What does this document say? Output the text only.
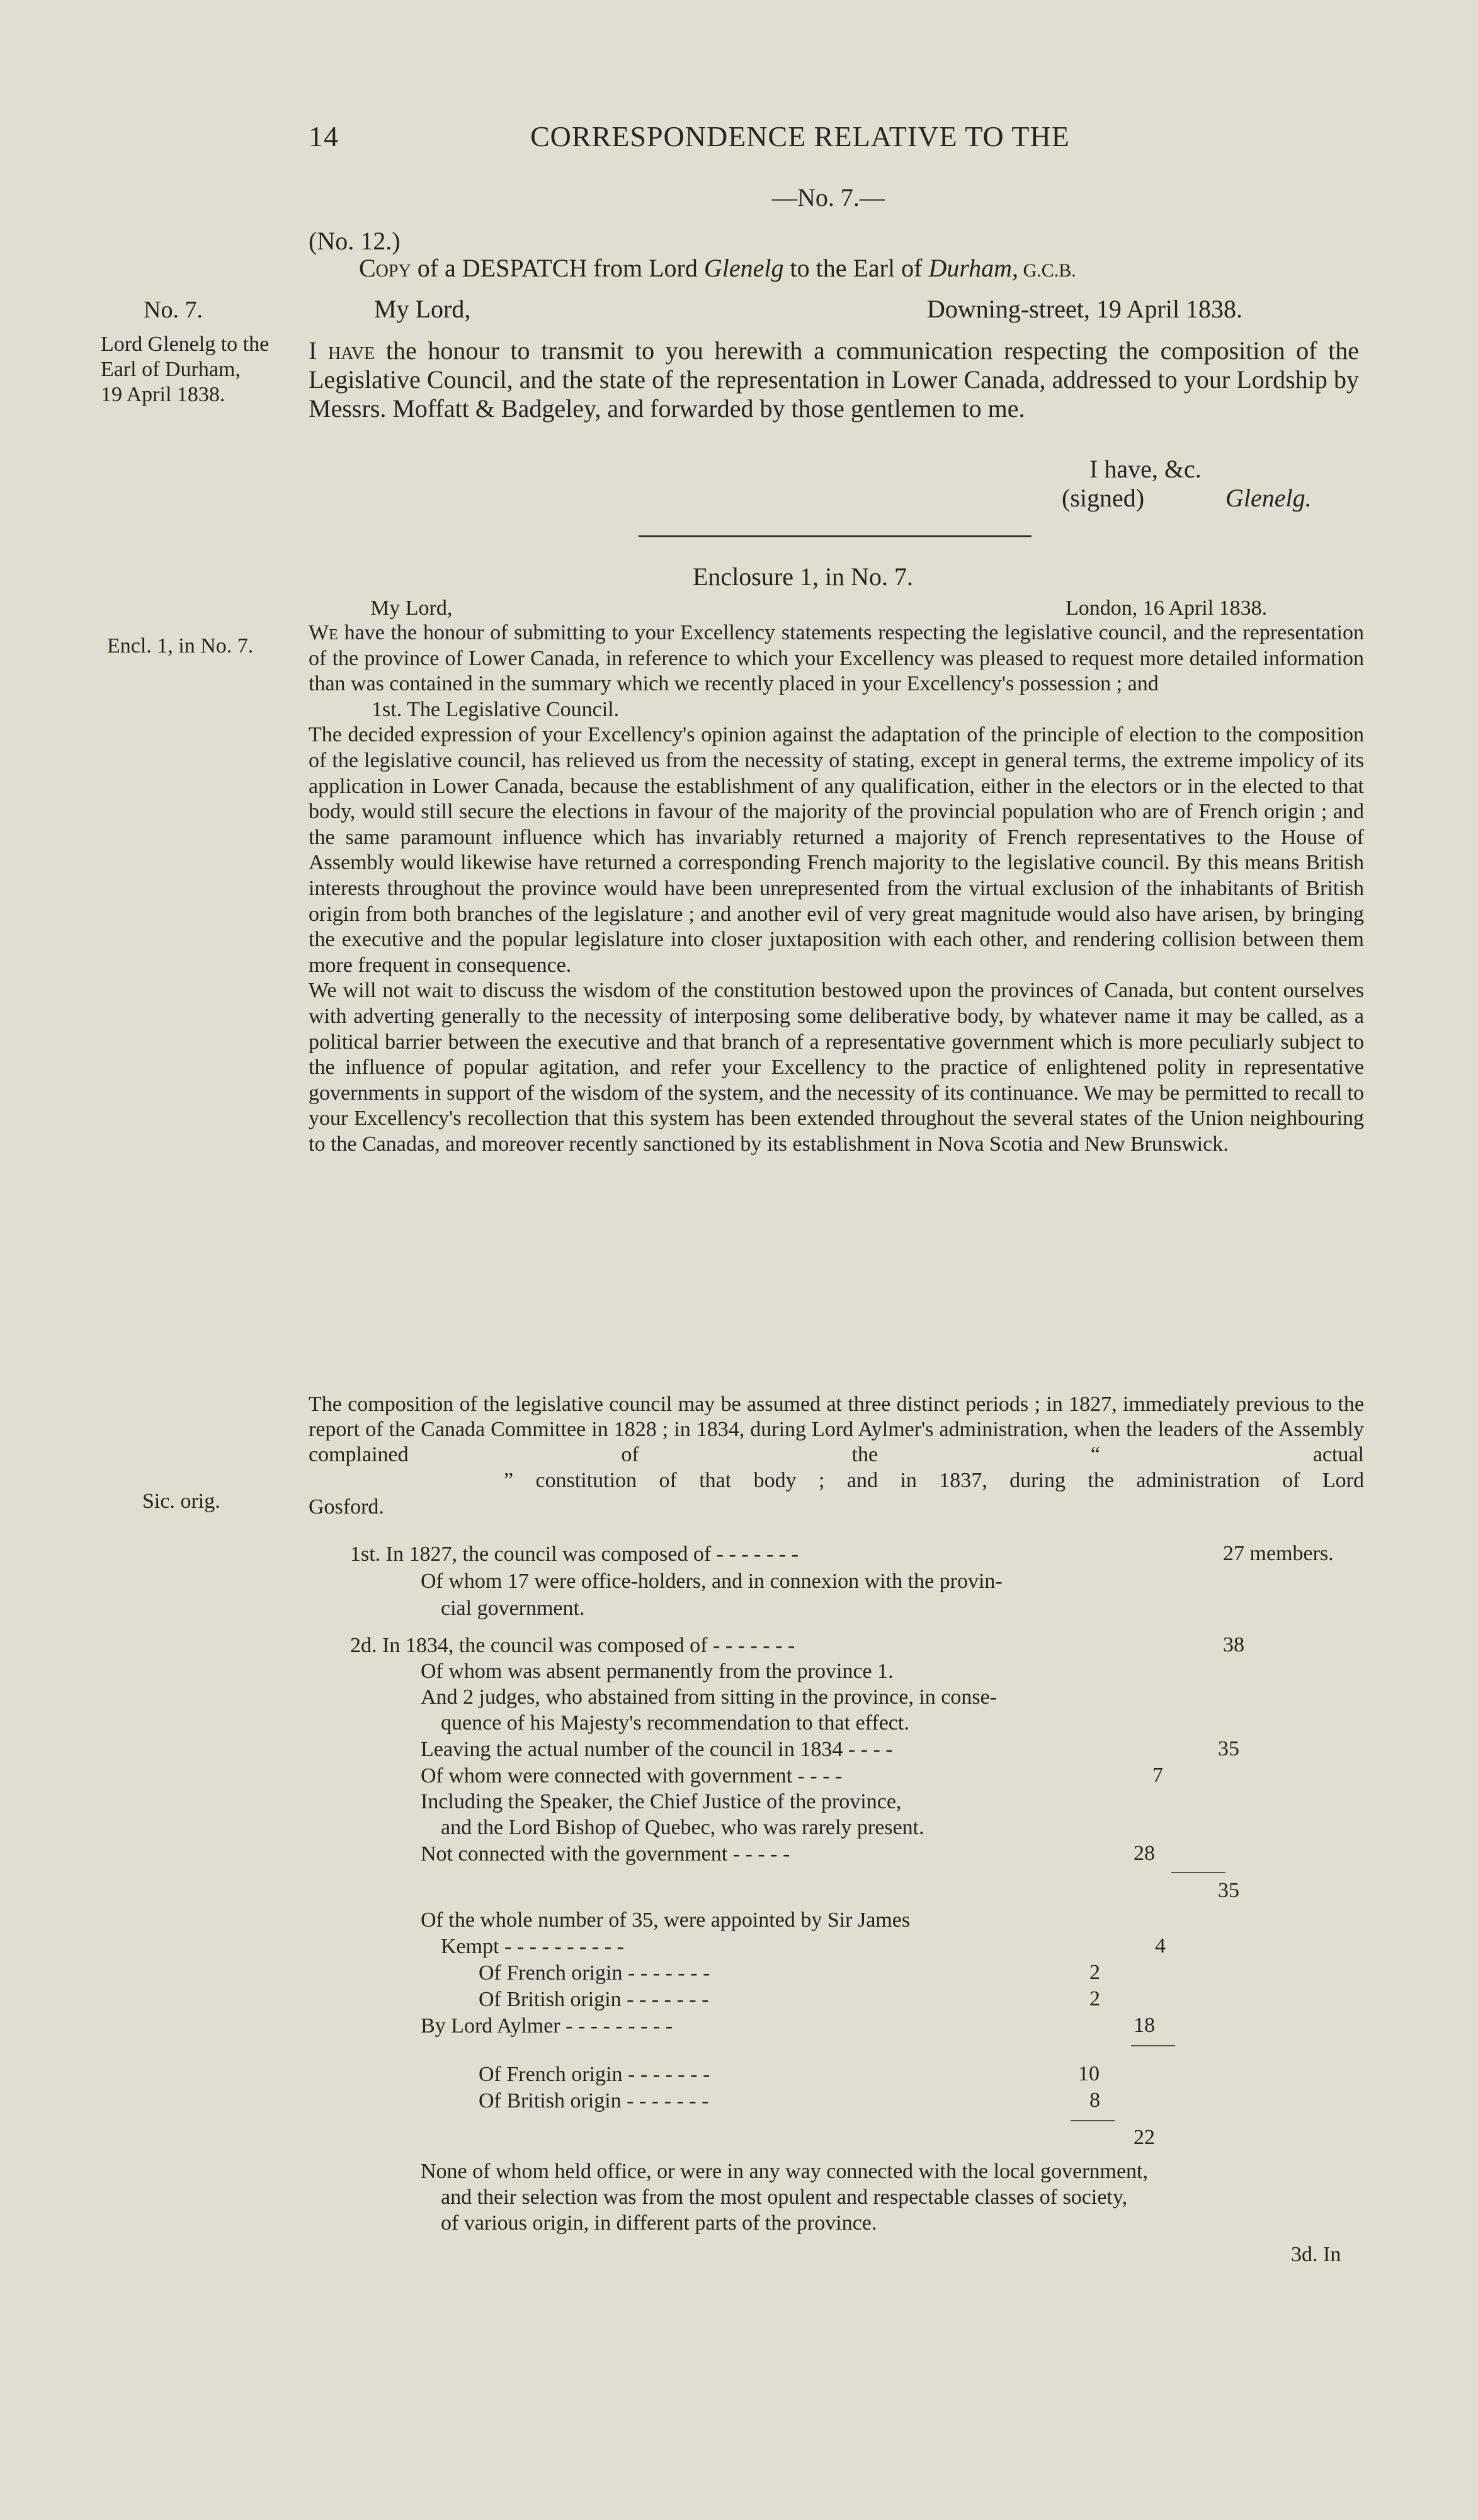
14	CORRESPONDENCE RELATIVE TO THE
—No. 7.—
(No. 12.)
Copy of a DESPATCH from Lord Glenelg to the Earl of Durham, G.C.B.
No. 7.
Lord Glenelg to the
Earl of Durham,
19 April 1838.
My Lord,	Downing-street, 19 April 1838.

I have the honour to transmit to you herewith a communication respecting the composition of the Legislative Council, and the state of the representation in Lower Canada, addressed to your Lordship by Messrs. Moffatt & Badgeley, and forwarded by those gentlemen to me.

I have, &c.
(signed)	Glenelg.
Enclosure 1, in No. 7.
My Lord,	London, 16 April 1838.
Encl. 1, in No. 7.

We have the honour of submitting to your Excellency statements respecting the legislative council, and the representation of the province of Lower Canada, in reference to which your Excellency was pleased to request more detailed information than was contained in the summary which we recently placed in your Excellency's possession ; and

1st. The Legislative Council.

The decided expression of your Excellency's opinion against the adaptation of the principle of election to the composition of the legislative council, has relieved us from the necessity of stating, except in general terms, the extreme impolicy of its application in Lower Canada, because the establishment of any qualification, either in the electors or in the elected to that body, would still secure the elections in favour of the majority of the provincial population who are of French origin ; and the same paramount influence which has invariably returned a majority of French representatives to the House of Assembly would likewise have returned a corresponding French majority to the legislative council. By this means British interests throughout the province would have been unrepresented from the virtual exclusion of the inhabitants of British origin from both branches of the legislature ; and another evil of very great magnitude would also have arisen, by bringing the executive and the popular legislature into closer juxtaposition with each other, and rendering collision between them more frequent in consequence.

We will not wait to discuss the wisdom of the constitution bestowed upon the provinces of Canada, but content ourselves with adverting generally to the necessity of interposing some deliberative body, by whatever name it may be called, as a political barrier between the executive and that branch of a representative government which is more peculiarly subject to the influence of popular agitation, and refer your Excellency to the practice of enlightened polity in representative governments in support of the wisdom of the system, and the necessity of its continuance. We may be permitted to recall to your Excellency's recollection that this system has been extended throughout the several states of the Union neighbouring to the Canadas, and moreover recently sanctioned by its establishment in Nova Scotia and New Brunswick.

The composition of the legislative council may be assumed at three distinct periods ; in 1827, immediately previous to the report of the Canada Committee in 1828 ; in 1834, during Lord Aylmer's administration, when the leaders of the Assembly complained of the “ actual
Sic. orig.
” constitution of that body ; and in 1837, during the administration of Lord
Gosford.
1st. In 1827, the council was composed of - - - - - - -	27 members.
Of whom 17 were office-holders, and in connexion with the provin-
cial government.
2d. In 1834, the council was composed of - - - - - - -	38
Of whom was absent permanently from the province 1.
And 2 judges, who abstained from sitting in the province, in conse-
quence of his Majesty's recommendation to that effect.
Leaving the actual number of the council in 1834 - - - -	35
Of whom were connected with government - - - -	7
Including the Speaker, the Chief Justice of the province,
and the Lord Bishop of Quebec, who was rarely present.
Not connected with the government - - - - -	28
35
Of the whole number of 35, were appointed by Sir James
Kempt - - - - - - - - - -	4
Of French origin - - - - - - -	2
Of British origin - - - - - - -	2
By Lord Aylmer - - - - - - - - -	18
Of French origin - - - - - - -	10
Of British origin - - - - - - -	8
22
None of whom held office, or were in any way connected with the local government,
and their selection was from the most opulent and respectable classes of society,
of various origin, in different parts of the province.
3d. In
